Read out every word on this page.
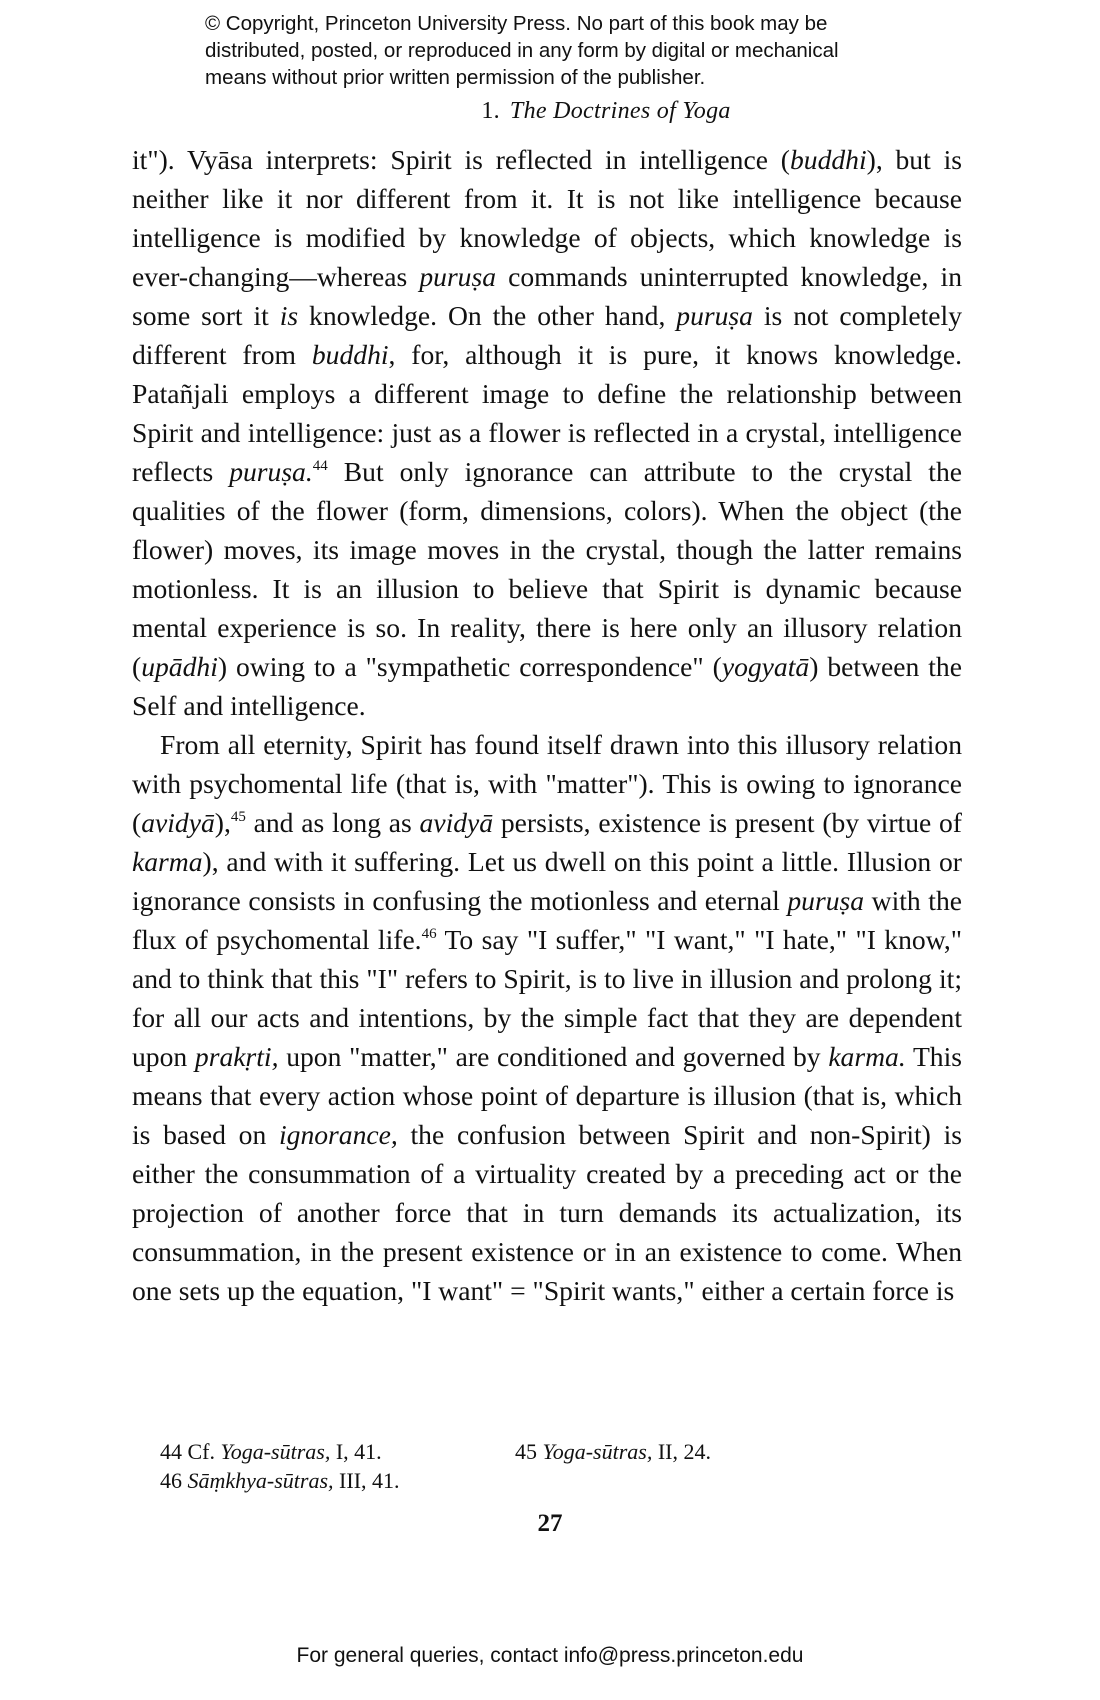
© Copyright, Princeton University Press. No part of this book may be
distributed, posted, or reproduced in any form by digital or mechanical
means without prior written permission of the publisher.
1. The Doctrines of Yoga

it"). Vyāsa interprets: Spirit is reflected in intelligence (buddhi), but is neither like it nor different from it. It is not like intelligence because intelligence is modified by knowledge of objects, which knowledge is ever-changing—whereas puruṣa commands uninterrupted knowledge, in some sort it is knowledge. On the other hand, puruṣa is not completely different from buddhi, for, although it is pure, it knows knowledge. Patañjali employs a different image to define the relationship between Spirit and intelligence: just as a flower is reflected in a crystal, intelligence reflects puruṣa.$^{44}$ But only ignorance can attribute to the crystal the qualities of the flower (form, dimensions, colors). When the object (the flower) moves, its image moves in the crystal, though the latter remains motionless. It is an illusion to believe that Spirit is dynamic because mental experience is so. In reality, there is here only an illusory relation (upādhi) owing to a "sympathetic correspondence" (yogyatā) between the Self and intelligence.

From all eternity, Spirit has found itself drawn into this illusory relation with psychomental life (that is, with "matter"). This is owing to ignorance (avidyā),$^{45}$ and as long as avidyā persists, existence is present (by virtue of karma), and with it suffering. Let us dwell on this point a little. Illusion or ignorance consists in confusing the motionless and eternal puruṣa with the flux of psychomental life.$^{46}$ To say "I suffer," "I want," "I hate," "I know," and to think that this "I" refers to Spirit, is to live in illusion and prolong it; for all our acts and intentions, by the simple fact that they are dependent upon prakṛti, upon "matter," are conditioned and governed by karma. This means that every action whose point of departure is illusion (that is, which is based on ignorance, the confusion between Spirit and non-Spirit) is either the consummation of a virtuality created by a preceding act or the projection of another force that in turn demands its actualization, its consummation, in the present existence or in an existence to come. When one sets up the equation, "I want" = "Spirit wants," either a certain force is

44 Cf. Yoga-sūtras, I, 41.	45 Yoga-sūtras, II, 24.
46 Sāṃkhya-sūtras, III, 41.
27
For general queries, contact info@press.princeton.edu
